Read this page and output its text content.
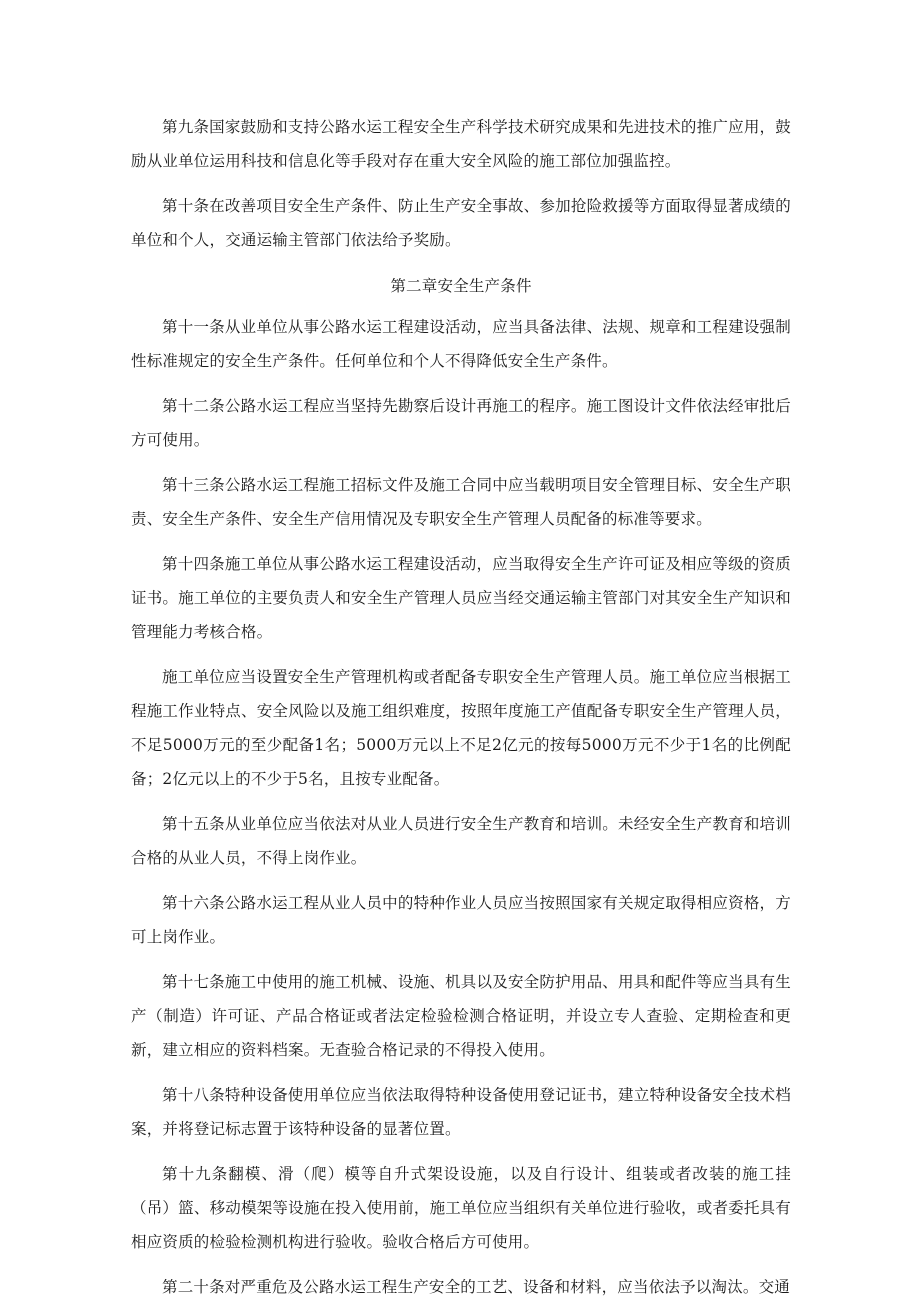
第九条国家鼓励和支持公路水运工程安全生产科学技术研究成果和先进技术的推广应用，鼓励从业单位运用科技和信息化等手段对存在重大安全风险的施工部位加强监控。

第十条在改善项目安全生产条件、防止生产安全事故、参加抢险救援等方面取得显著成绩的单位和个人，交通运输主管部门依法给予奖励。

第二章安全生产条件

第十一条从业单位从事公路水运工程建设活动，应当具备法律、法规、规章和工程建设强制性标准规定的安全生产条件。任何单位和个人不得降低安全生产条件。

第十二条公路水运工程应当坚持先勘察后设计再施工的程序。施工图设计文件依法经审批后方可使用。

第十三条公路水运工程施工招标文件及施工合同中应当载明项目安全管理目标、安全生产职责、安全生产条件、安全生产信用情况及专职安全生产管理人员配备的标准等要求。

第十四条施工单位从事公路水运工程建设活动，应当取得安全生产许可证及相应等级的资质证书。施工单位的主要负责人和安全生产管理人员应当经交通运输主管部门对其安全生产知识和管理能力考核合格。

施工单位应当设置安全生产管理机构或者配备专职安全生产管理人员。施工单位应当根据工程施工作业特点、安全风险以及施工组织难度，按照年度施工产值配备专职安全生产管理人员，不足5000万元的至少配备1名；5000万元以上不足2亿元的按每5000万元不少于1名的比例配备；2亿元以上的不少于5名，且按专业配备。

第十五条从业单位应当依法对从业人员进行安全生产教育和培训。未经安全生产教育和培训合格的从业人员，不得上岗作业。

第十六条公路水运工程从业人员中的特种作业人员应当按照国家有关规定取得相应资格，方可上岗作业。

第十七条施工中使用的施工机械、设施、机具以及安全防护用品、用具和配件等应当具有生产（制造）许可证、产品合格证或者法定检验检测合格证明，并设立专人查验、定期检查和更新，建立相应的资料档案。无查验合格记录的不得投入使用。

第十八条特种设备使用单位应当依法取得特种设备使用登记证书，建立特种设备安全技术档案，并将登记标志置于该特种设备的显著位置。

第十九条翻模、滑（爬）模等自升式架设设施，以及自行设计、组装或者改装的施工挂（吊）篮、移动模架等设施在投入使用前，施工单位应当组织有关单位进行验收，或者委托具有相应资质的检验检测机构进行验收。验收合格后方可使用。

第二十条对严重危及公路水运工程生产安全的工艺、设备和材料，应当依法予以淘汰。交通
